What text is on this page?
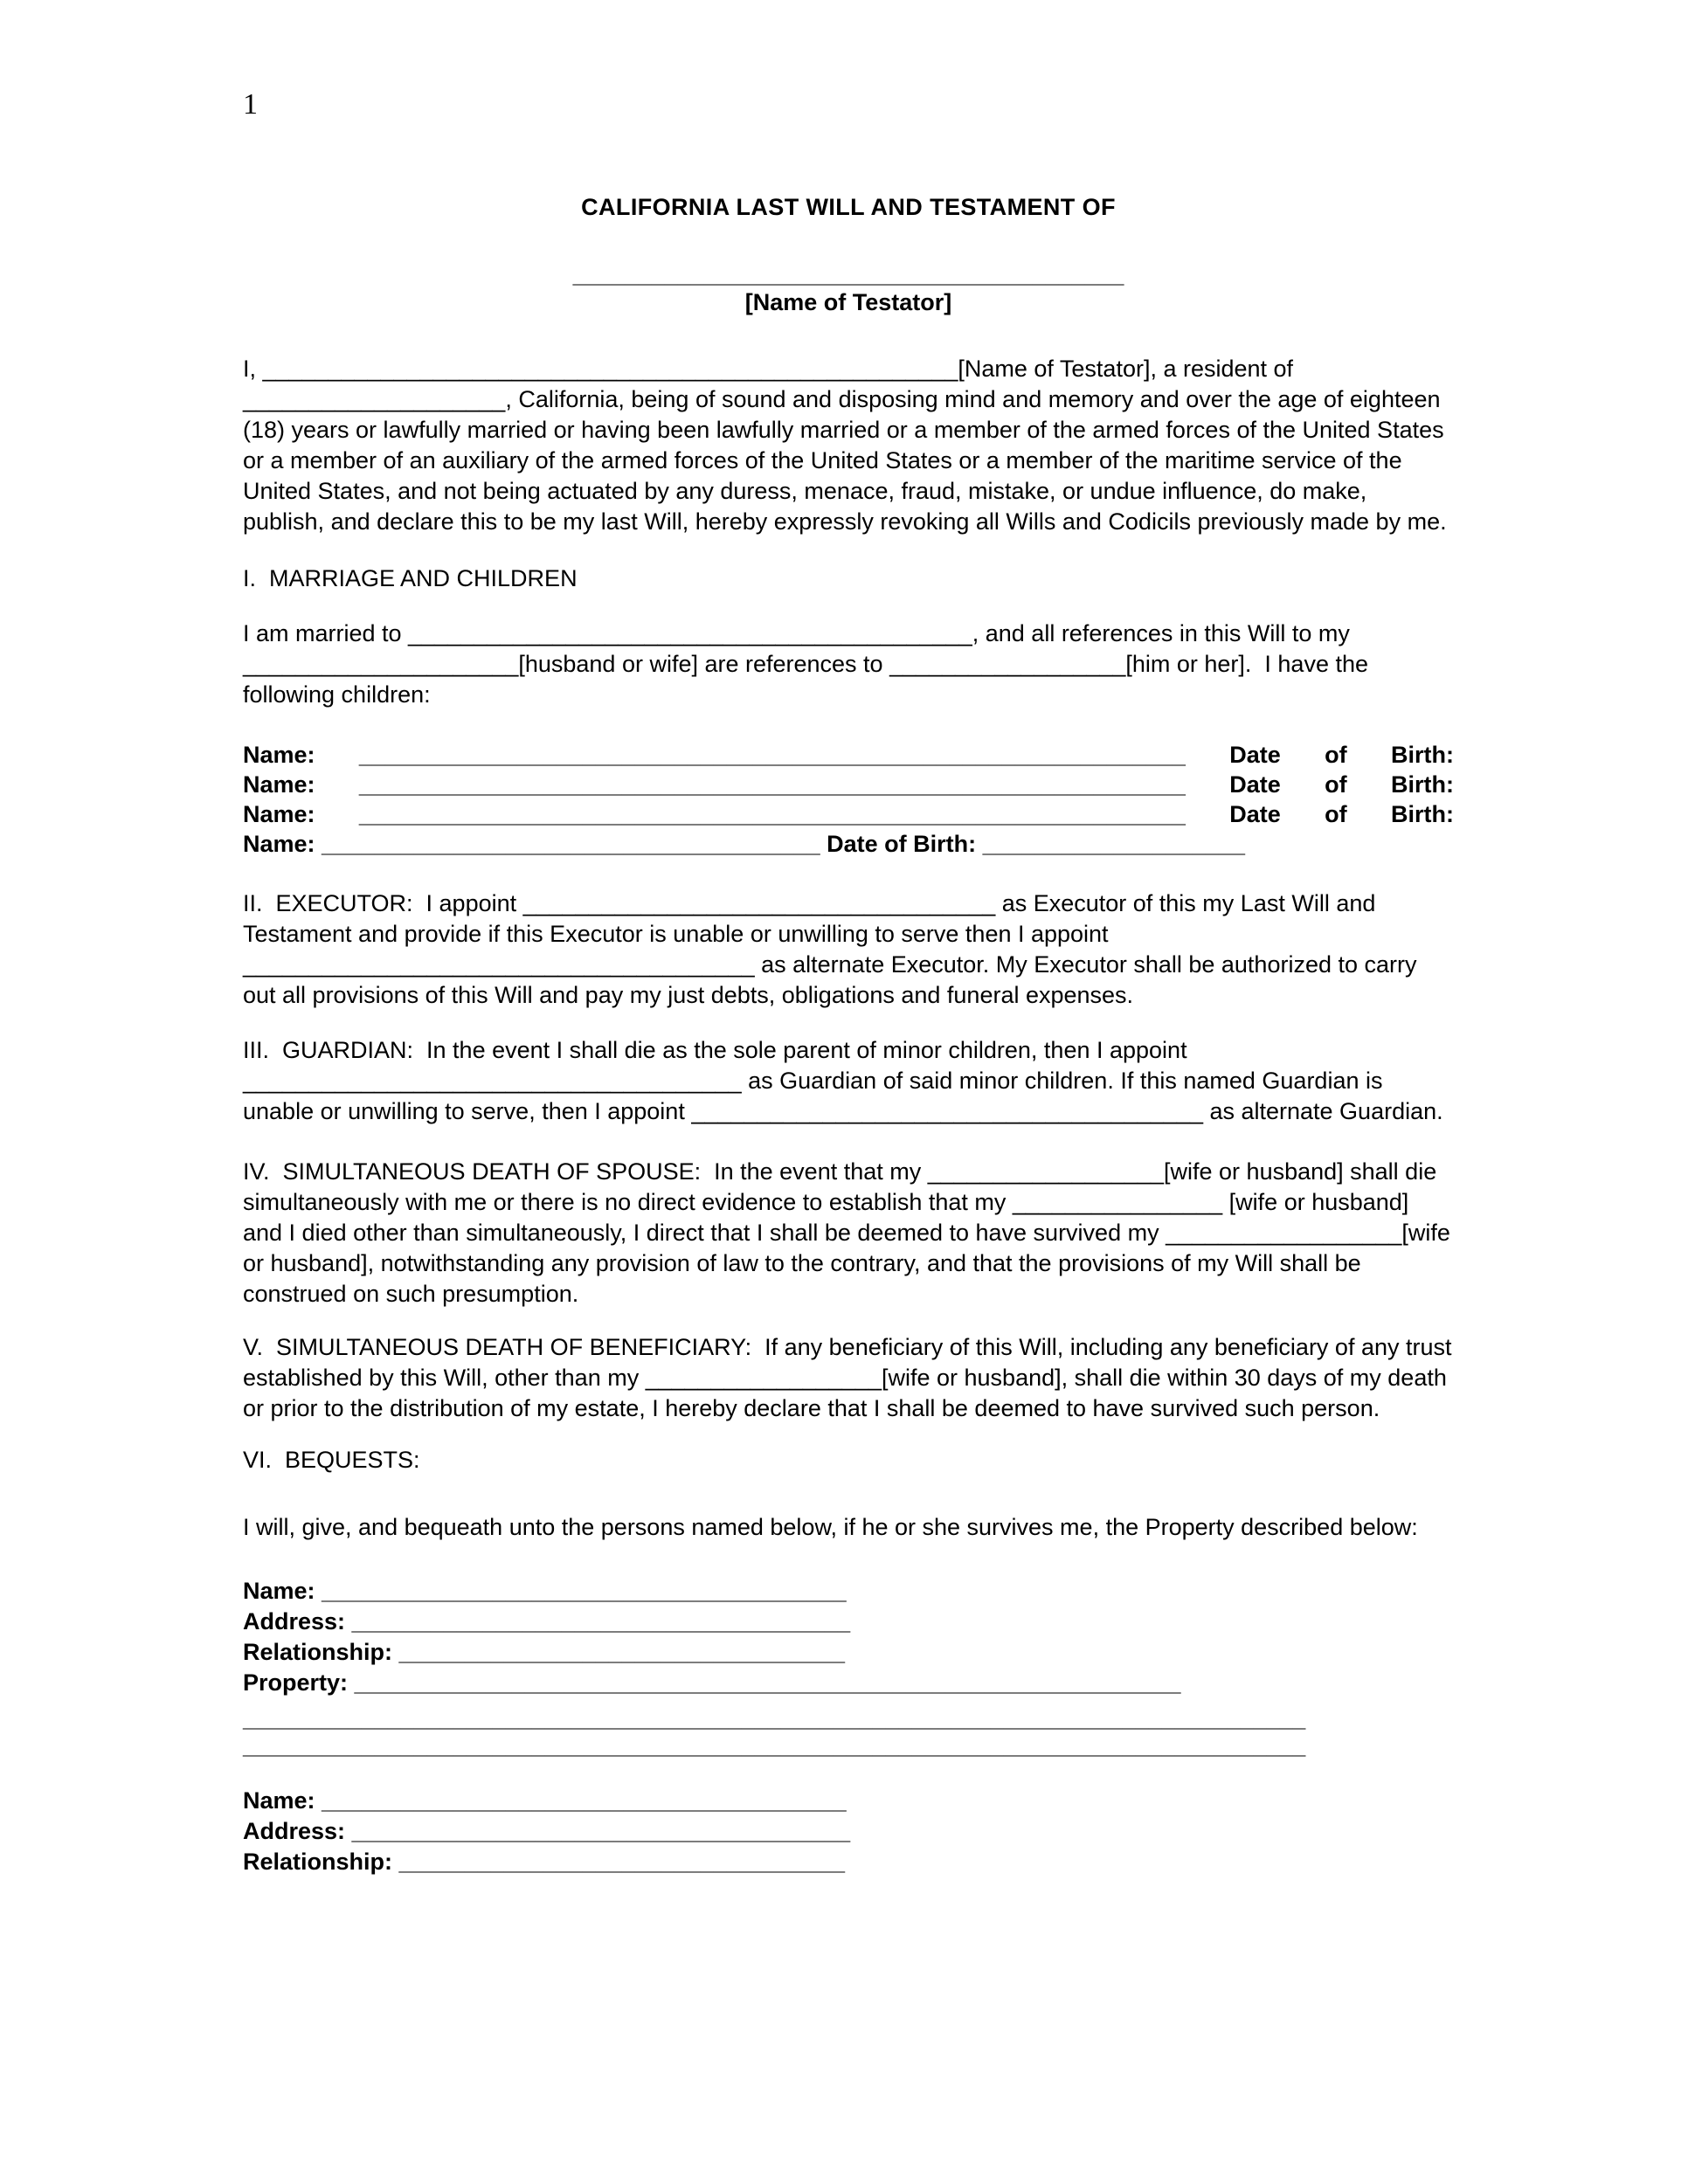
1
CALIFORNIA LAST WILL AND TESTAMENT OF
__________________________________________
[Name of Testator]

I, _____________________________________________________[Name of Testator], a resident of ____________________, California, being of sound and disposing mind and memory and over the age of eighteen (18) years or lawfully married or having been lawfully married or a member of the armed forces of the United States or a member of an auxiliary of the armed forces of the United States or a member of the maritime service of the United States, and not being actuated by any duress, menace, fraud, mistake, or undue influence, do make, publish, and declare this to be my last Will, hereby expressly revoking all Wills and Codicils previously made by me.

I.  MARRIAGE AND CHILDREN

I am married to ___________________________________________, and all references in this Will to my _____________________[husband or wife] are references to __________________[him or her].  I have the following children:

Name: _______________________________________________________________ Date of Birth:
Name: _______________________________________________________________ Date of Birth:
Name: _______________________________________________________________ Date of Birth:
Name: ______________________________________ Date of Birth: ____________________

II.  EXECUTOR:  I appoint ____________________________________ as Executor of this my Last Will and Testament and provide if this Executor is unable or unwilling to serve then I appoint _______________________________________ as alternate Executor. My Executor shall be authorized to carry out all provisions of this Will and pay my just debts, obligations and funeral expenses.

III.  GUARDIAN:  In the event I shall die as the sole parent of minor children, then I appoint ______________________________________ as Guardian of said minor children. If this named Guardian is unable or unwilling to serve, then I appoint _______________________________________ as alternate Guardian.

IV.  SIMULTANEOUS DEATH OF SPOUSE:  In the event that my __________________[wife or husband] shall die simultaneously with me or there is no direct evidence to establish that my ________________ [wife or husband] and I died other than simultaneously, I direct that I shall be deemed to have survived my __________________[wife or husband], notwithstanding any provision of law to the contrary, and that the provisions of my Will shall be construed on such presumption.

V.  SIMULTANEOUS DEATH OF BENEFICIARY:  If any beneficiary of this Will, including any beneficiary of any trust established by this Will, other than my __________________[wife or husband], shall die within 30 days of my death or prior to the distribution of my estate, I hereby declare that I shall be deemed to have survived such person.

VI.  BEQUESTS:

I will, give, and bequeath unto the persons named below, if he or she survives me, the Property described below:

Name: ________________________________________
Address: ______________________________________
Relationship: __________________________________
Property: _______________________________________________________________
_________________________________________________________________________________
_________________________________________________________________________________
Name: ________________________________________
Address: ______________________________________
Relationship: __________________________________
